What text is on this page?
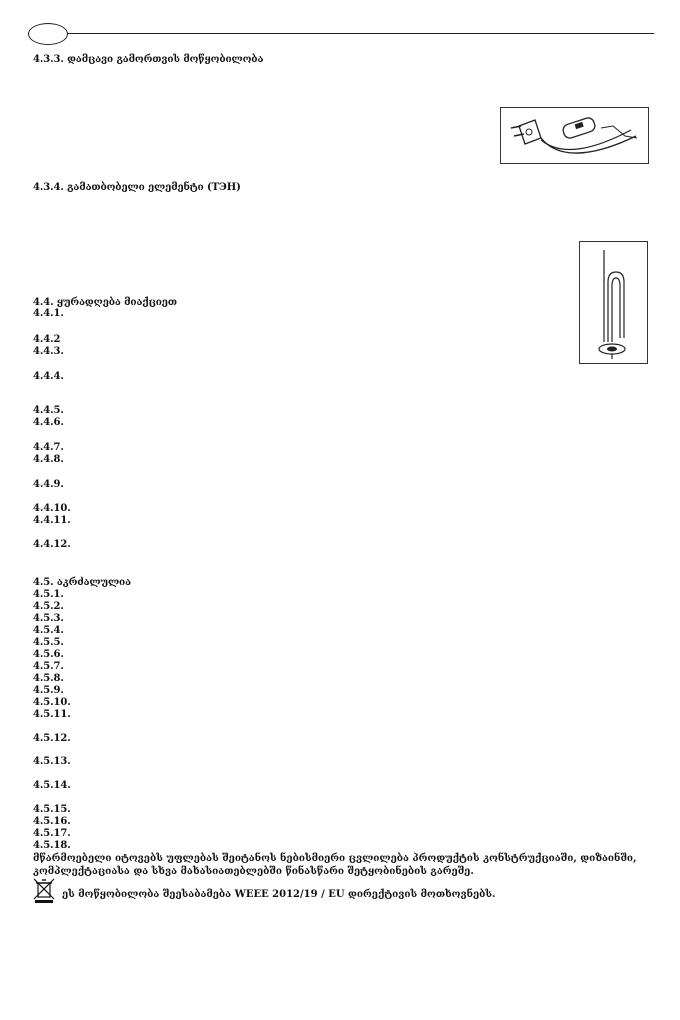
4.3.3. დამცავი გამორთვის მოწყობილობა
4.3.4. გამათბობელი ელემენტი (ТЭН)
4.4. ყურადღება მიაქციეთ
4.4.1.
4.4.2
4.4.3.
4.4.4.
4.4.5.
4.4.6.
4.4.7.
4.4.8.
4.4.9.
4.4.10.
4.4.11.
4.4.12.
4.5. აკრძალულია
4.5.1.
4.5.2.
4.5.3.
4.5.4.
4.5.5.
4.5.6.
4.5.7.
4.5.8.
4.5.9.
4.5.10.
4.5.11.
4.5.12.
4.5.13.
4.5.14.
4.5.15.
4.5.16.
4.5.17.
4.5.18.
მწარმოებელი იტოვებს უფლებას შეიტანოს ნებისმიერი ცვლილება პროდუქტის კონსტრუქციაში, დიზაინში, კომპლექტაციასა და სხვა მახასიათებლებში წინასწარი შეტყობინების გარეშე.
ეს მოწყობილობა შეესაბამება WEEE 2012/19 / EU დირექტივის მოთხოვნებს.
